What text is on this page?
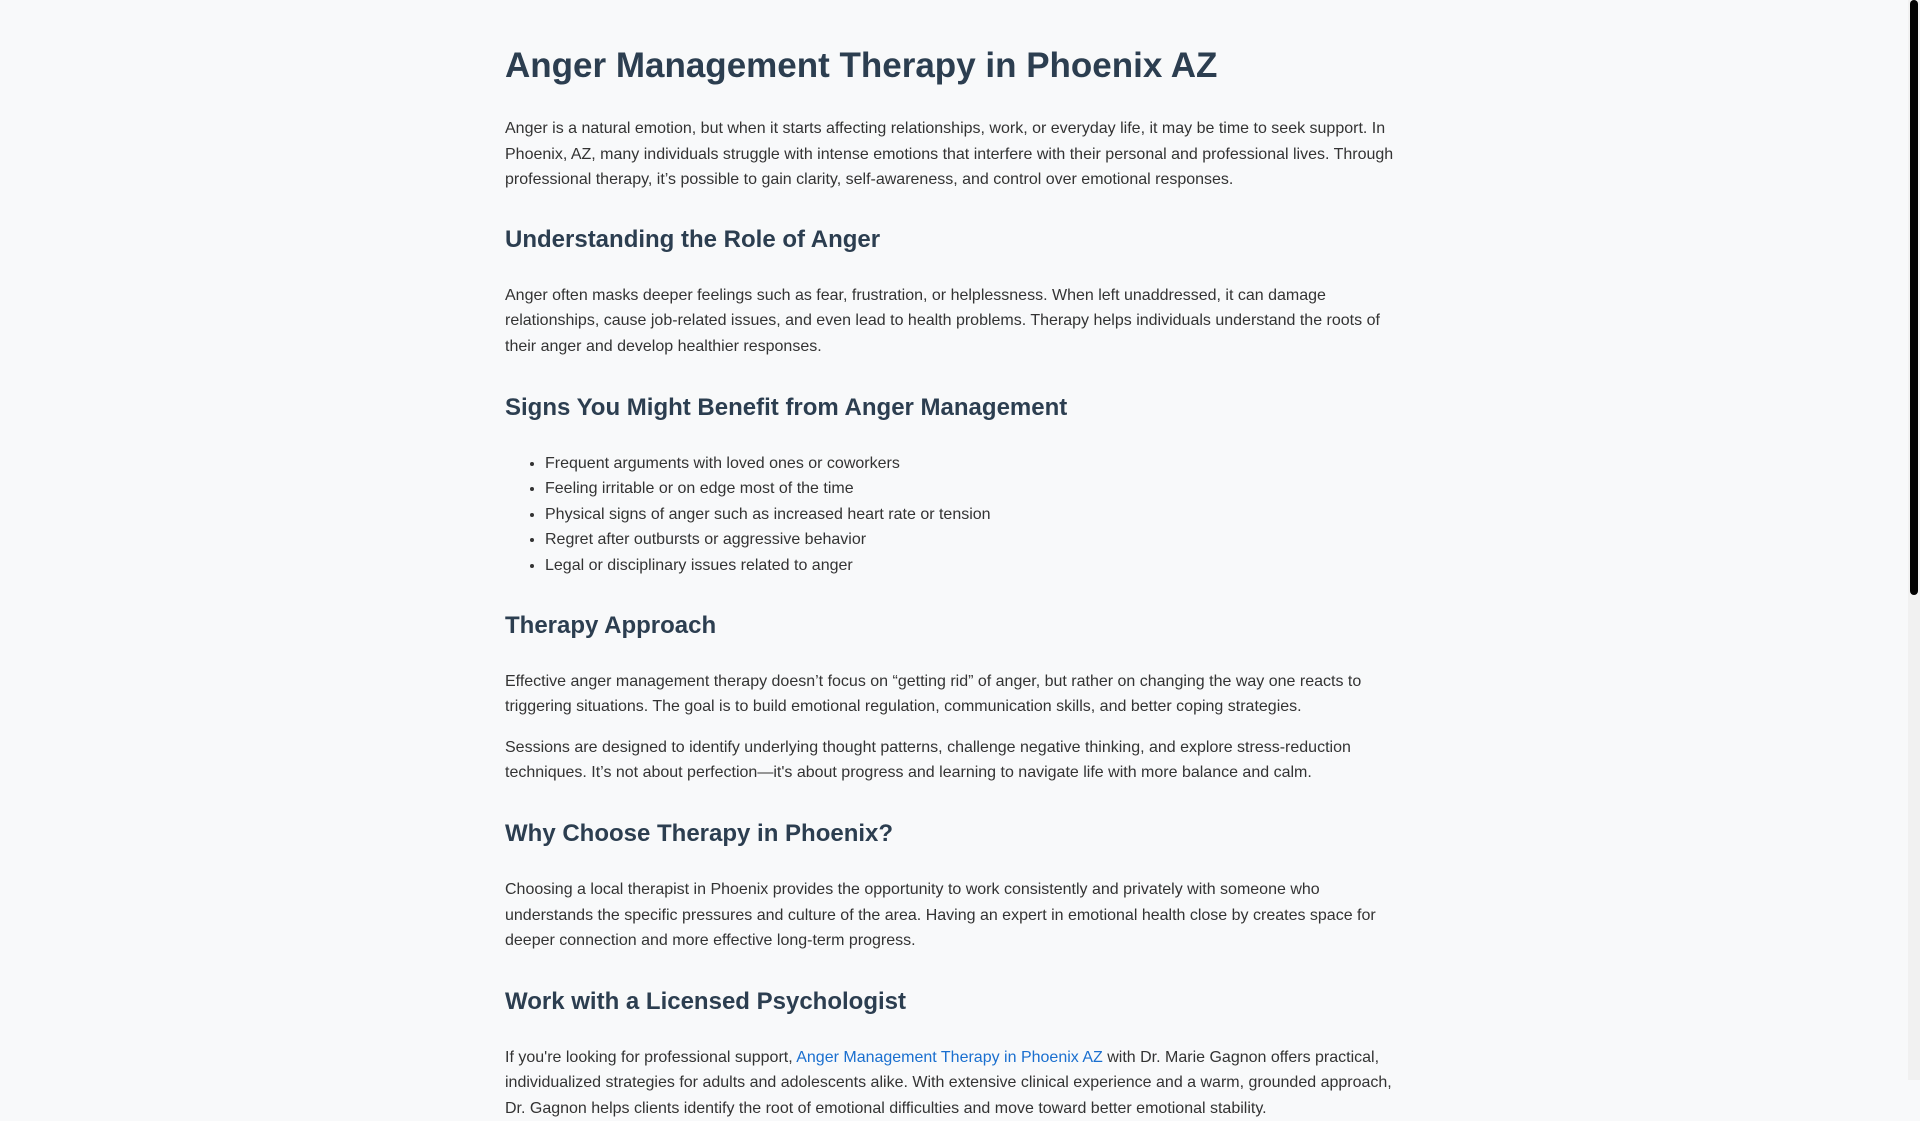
Anger Management Therapy in Phoenix AZ

Anger is a natural emotion, but when it starts affecting relationships, work, or everyday life, it may be time to seek support. In Phoenix, AZ, many individuals struggle with intense emotions that interfere with their personal and professional lives. Through professional therapy, it’s possible to gain clarity, self-awareness, and control over emotional responses.

Understanding the Role of Anger

Anger often masks deeper feelings such as fear, frustration, or helplessness. When left unaddressed, it can damage relationships, cause job-related issues, and even lead to health problems. Therapy helps individuals understand the roots of their anger and develop healthier responses.

Signs You Might Benefit from Anger Management
• Frequent arguments with loved ones or coworkers
• Feeling irritable or on edge most of the time
• Physical signs of anger such as increased heart rate or tension
• Regret after outbursts or aggressive behavior
• Legal or disciplinary issues related to anger
Therapy Approach

Effective anger management therapy doesn’t focus on “getting rid” of anger, but rather on changing the way one reacts to triggering situations. The goal is to build emotional regulation, communication skills, and better coping strategies.

Sessions are designed to identify underlying thought patterns, challenge negative thinking, and explore stress-reduction techniques. It’s not about perfection—it's about progress and learning to navigate life with more balance and calm.

Why Choose Therapy in Phoenix?

Choosing a local therapist in Phoenix provides the opportunity to work consistently and privately with someone who understands the specific pressures and culture of the area. Having an expert in emotional health close by creates space for deeper connection and more effective long-term progress.

Work with a Licensed Psychologist

If you're looking for professional support, Anger Management Therapy in Phoenix AZ with Dr. Marie Gagnon offers practical, individualized strategies for adults and adolescents alike. With extensive clinical experience and a warm, grounded approach, Dr. Gagnon helps clients identify the root of emotional difficulties and move toward better emotional stability.
